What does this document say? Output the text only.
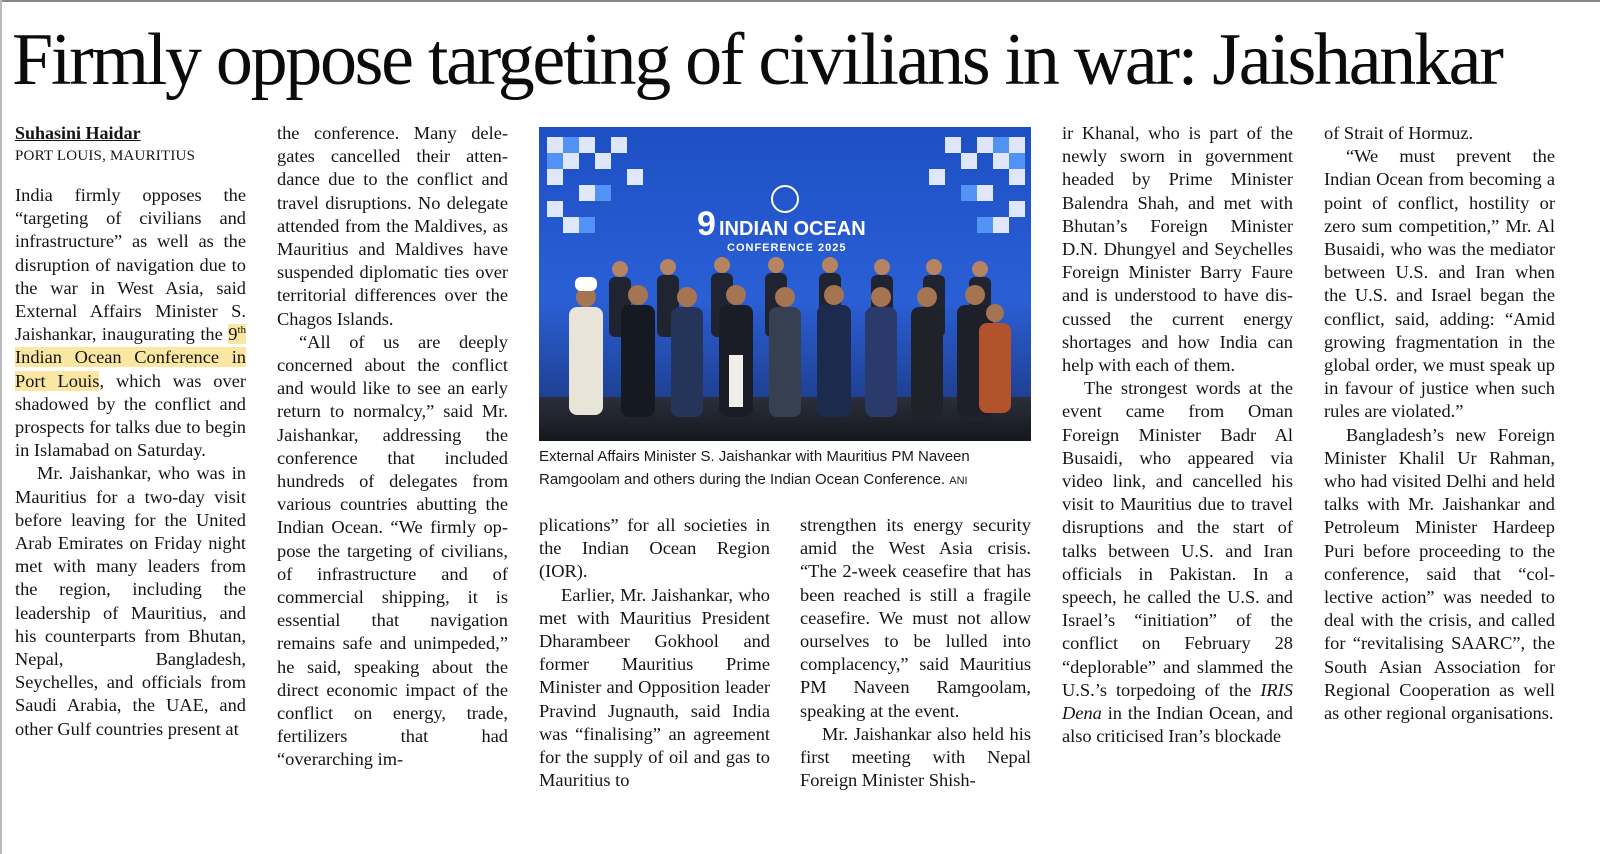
Firmly oppose targeting of civilians in war: Jaishankar
Suhasini Haidar
PORT LOUIS, MAURITIUS

India firmly opposes the “targeting of civilians and infrastructure” as well as the disruption of navigation due to the war in West Asia, said External Affairs Minister S. Jaishankar, inaugurating the 9th Indian Ocean Conference in Port Louis, which was over shadowed by the conflict and prospects for talks due to begin in Islamabad on Saturday.

Mr. Jaishankar, who was in Mauritius for a two-day visit before leaving for the United Arab Emirates on Friday night met with many leaders from the region, including the leadership of Mauritius, and his counterparts from Bhutan, Nepal, Bangladesh, Seychelles, and officials from Saudi Arabia, the UAE, and other Gulf countries present at

the conference. Many delegates cancelled their attendance due to the conflict and travel disruptions. No delegate attended from the Maldives, as Mauritius and Maldives have suspended diplomatic ties over territorial differences over the Chagos Islands.

“All of us are deeply concerned about the conflict and would like to see an early return to normalcy,” said Mr. Jaishankar, addressing the conference that included hundreds of delegates from various countries abutting the Indian Ocean. “We firmly oppose the targeting of civilians, of infrastructure and of commercial shipping, it is essential that navigation remains safe and unimpeded,” he said, speaking about the direct economic impact of the conflict on energy, trade, fertilizers that had “overarching im-

9 INDIAN OCEAN
CONFERENCE 2025
External Affairs Minister S. Jaishankar with Mauritius PM Naveen Ramgoolam and others during the Indian Ocean Conference. ANI

plications” for all societies in the Indian Ocean Region (IOR).

Earlier, Mr. Jaishankar, who met with Mauritius President Dharambeer Gokhool and former Mauritius Prime Minister and Opposition leader Pravind Jugnauth, said India was “finalising” an agreement for the supply of oil and gas to Mauritius to

strengthen its energy security amid the West Asia crisis. “The 2-week ceasefire that has been reached is still a fragile ceasefire. We must not allow ourselves to be lulled into complacency,” said Mauritius PM Naveen Ramgoolam, speaking at the event.

Mr. Jaishankar also held his first meeting with Nepal Foreign Minister Shish-

ir Khanal, who is part of the newly sworn in government headed by Prime Minister Balendra Shah, and met with Bhutan’s Foreign Minister D.N. Dhungyel and Seychelles Foreign Minister Barry Faure and is understood to have discussed the current energy shortages and how India can help with each of them.

The strongest words at the event came from Oman Foreign Minister Badr Al Busaidi, who appeared via video link, and cancelled his visit to Mauritius due to travel disruptions and the start of talks between U.S. and Iran officials in Pakistan. In a speech, he called the U.S. and Israel’s “initiation” of the conflict on February 28 “deplorable” and slammed the U.S.’s torpedoing of the IRIS Dena in the Indian Ocean, and also criticised Iran’s blockade

of Strait of Hormuz.

“We must prevent the Indian Ocean from becoming a point of conflict, hostility or zero sum competition,” Mr. Al Busaidi, who was the mediator between U.S. and Iran when the U.S. and Israel began the conflict, said, adding: “Amid growing fragmentation in the global order, we must speak up in favour of justice when such rules are violated.”

Bangladesh’s new Foreign Minister Khalil Ur Rahman, who had visited Delhi and held talks with Mr. Jaishankar and Petroleum Minister Hardeep Puri before proceeding to the conference, said that “collective action” was needed to deal with the crisis, and called for “revitalising SAARC”, the South Asian Association for Regional Cooperation as well as other regional organisations.
